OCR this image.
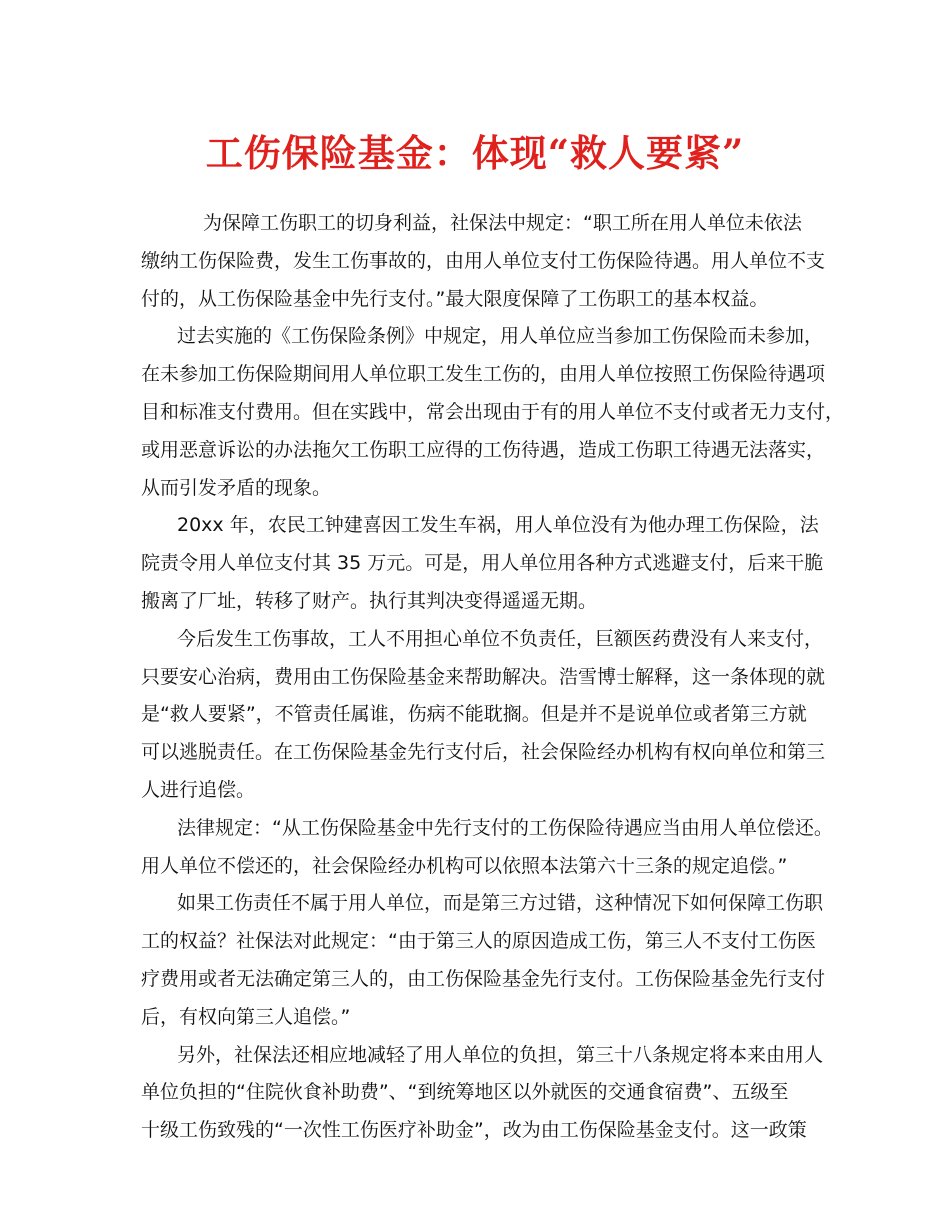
工伤保险基金：体现“救人要紧”
为保障工伤职工的切身利益，社保法中规定：“职工所在用人单位未依法
缴纳工伤保险费，发生工伤事故的，由用人单位支付工伤保险待遇。用人单位不支
付的，从工伤保险基金中先行支付。”最大限度保障了工伤职工的基本权益。
过去实施的《工伤保险条例》中规定，用人单位应当参加工伤保险而未参加，
在未参加工伤保险期间用人单位职工发生工伤的，由用人单位按照工伤保险待遇项
目和标准支付费用。但在实践中，常会出现由于有的用人单位不支付或者无力支付，
或用恶意诉讼的办法拖欠工伤职工应得的工伤待遇，造成工伤职工待遇无法落实，
从而引发矛盾的现象。
20xx 年，农民工钟建喜因工发生车祸，用人单位没有为他办理工伤保险，法
院责令用人单位支付其 35 万元。可是，用人单位用各种方式逃避支付，后来干脆
搬离了厂址，转移了财产。执行其判决变得遥遥无期。
今后发生工伤事故，工人不用担心单位不负责任，巨额医药费没有人来支付，
只要安心治病，费用由工伤保险基金来帮助解决。浩雪博士解释，这一条体现的就
是“救人要紧”，不管责任属谁，伤病不能耽搁。但是并不是说单位或者第三方就
可以逃脱责任。在工伤保险基金先行支付后，社会保险经办机构有权向单位和第三
人进行追偿。
法律规定：“从工伤保险基金中先行支付的工伤保险待遇应当由用人单位偿还。
用人单位不偿还的，社会保险经办机构可以依照本法第六十三条的规定追偿。”
如果工伤责任不属于用人单位，而是第三方过错，这种情况下如何保障工伤职
工的权益？社保法对此规定：“由于第三人的原因造成工伤，第三人不支付工伤医
疗费用或者无法确定第三人的，由工伤保险基金先行支付。工伤保险基金先行支付
后，有权向第三人追偿。”
另外，社保法还相应地减轻了用人单位的负担，第三十八条规定将本来由用人
单位负担的“住院伙食补助费”、“到统筹地区以外就医的交通食宿费”、五级至
十级工伤致残的“一次性工伤医疗补助金”，改为由工伤保险基金支付。这一政策
